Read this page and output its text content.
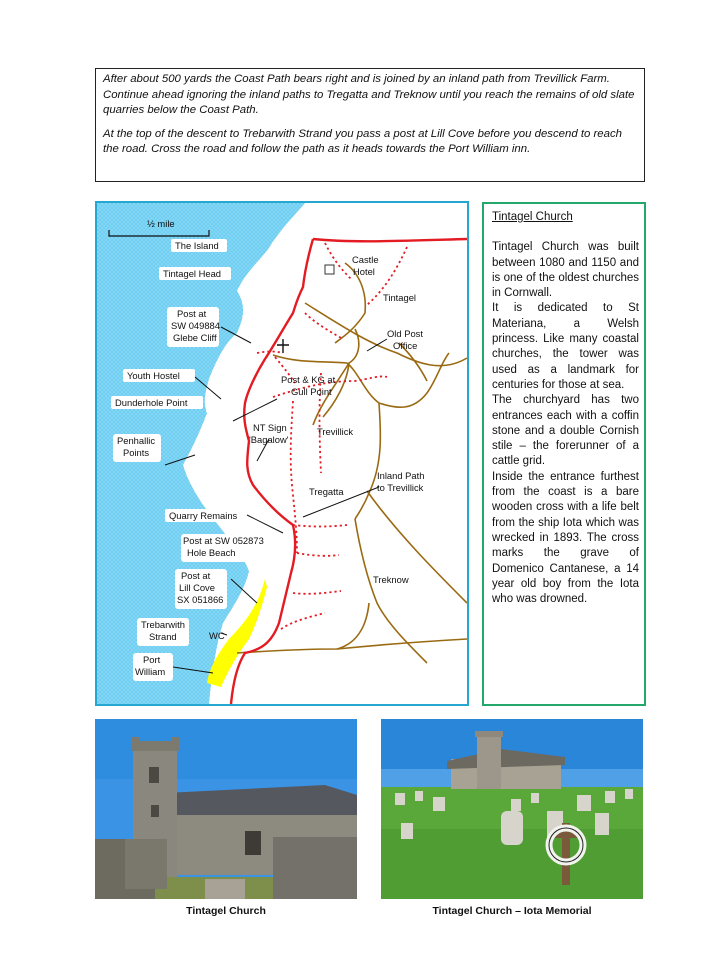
After about 500 yards the Coast Path bears right and is joined by an inland path from Trevillick Farm. Continue ahead ignoring the inland paths to Tregatta and Treknow until you reach the remains of old slate quarries below the Coast Path.

At the top of the descent to Trebarwith Strand you pass a post at Lill Cove before you descend to reach the road. Cross the road and follow the path as it heads towards the Port William inn.

½ mile
The Island
Tintagel Head
Post at
SW 049884
Glebe Cliff
Youth Hostel
Dunderhole Point
Penhallic
Points
Quarry Remains
Post at SW 052873
Hole Beach
Post at
Lill Cove
SX 051866
Trebarwith
Strand	WC
Port
William
Castle
Hotel
Tintagel
Old Post
Office
Post & KG at
Gull Point
NT Sign
'Bagalow'
Trevillick
Inland Path
to Trevillick
Tregatta
Treknow
Tintagel Church

Tintagel Church was built between 1080 and 1150 and is one of the oldest churches in Cornwall.

It is dedicated to St Materiana, a Welsh princess. Like many coastal churches, the tower was used as a landmark for centuries for those at sea.

The churchyard has two entrances each with a coffin stone and a double Cornish stile – the forerunner of a cattle grid.

Inside the entrance furthest from the coast is a bare wooden cross with a life belt from the ship Iota which was wrecked in 1893. The cross marks the grave of Domenico Cantanese, a 14 year old boy from the Iota who was drowned.

Tintagel Church	Tintagel Church – Iota Memorial
